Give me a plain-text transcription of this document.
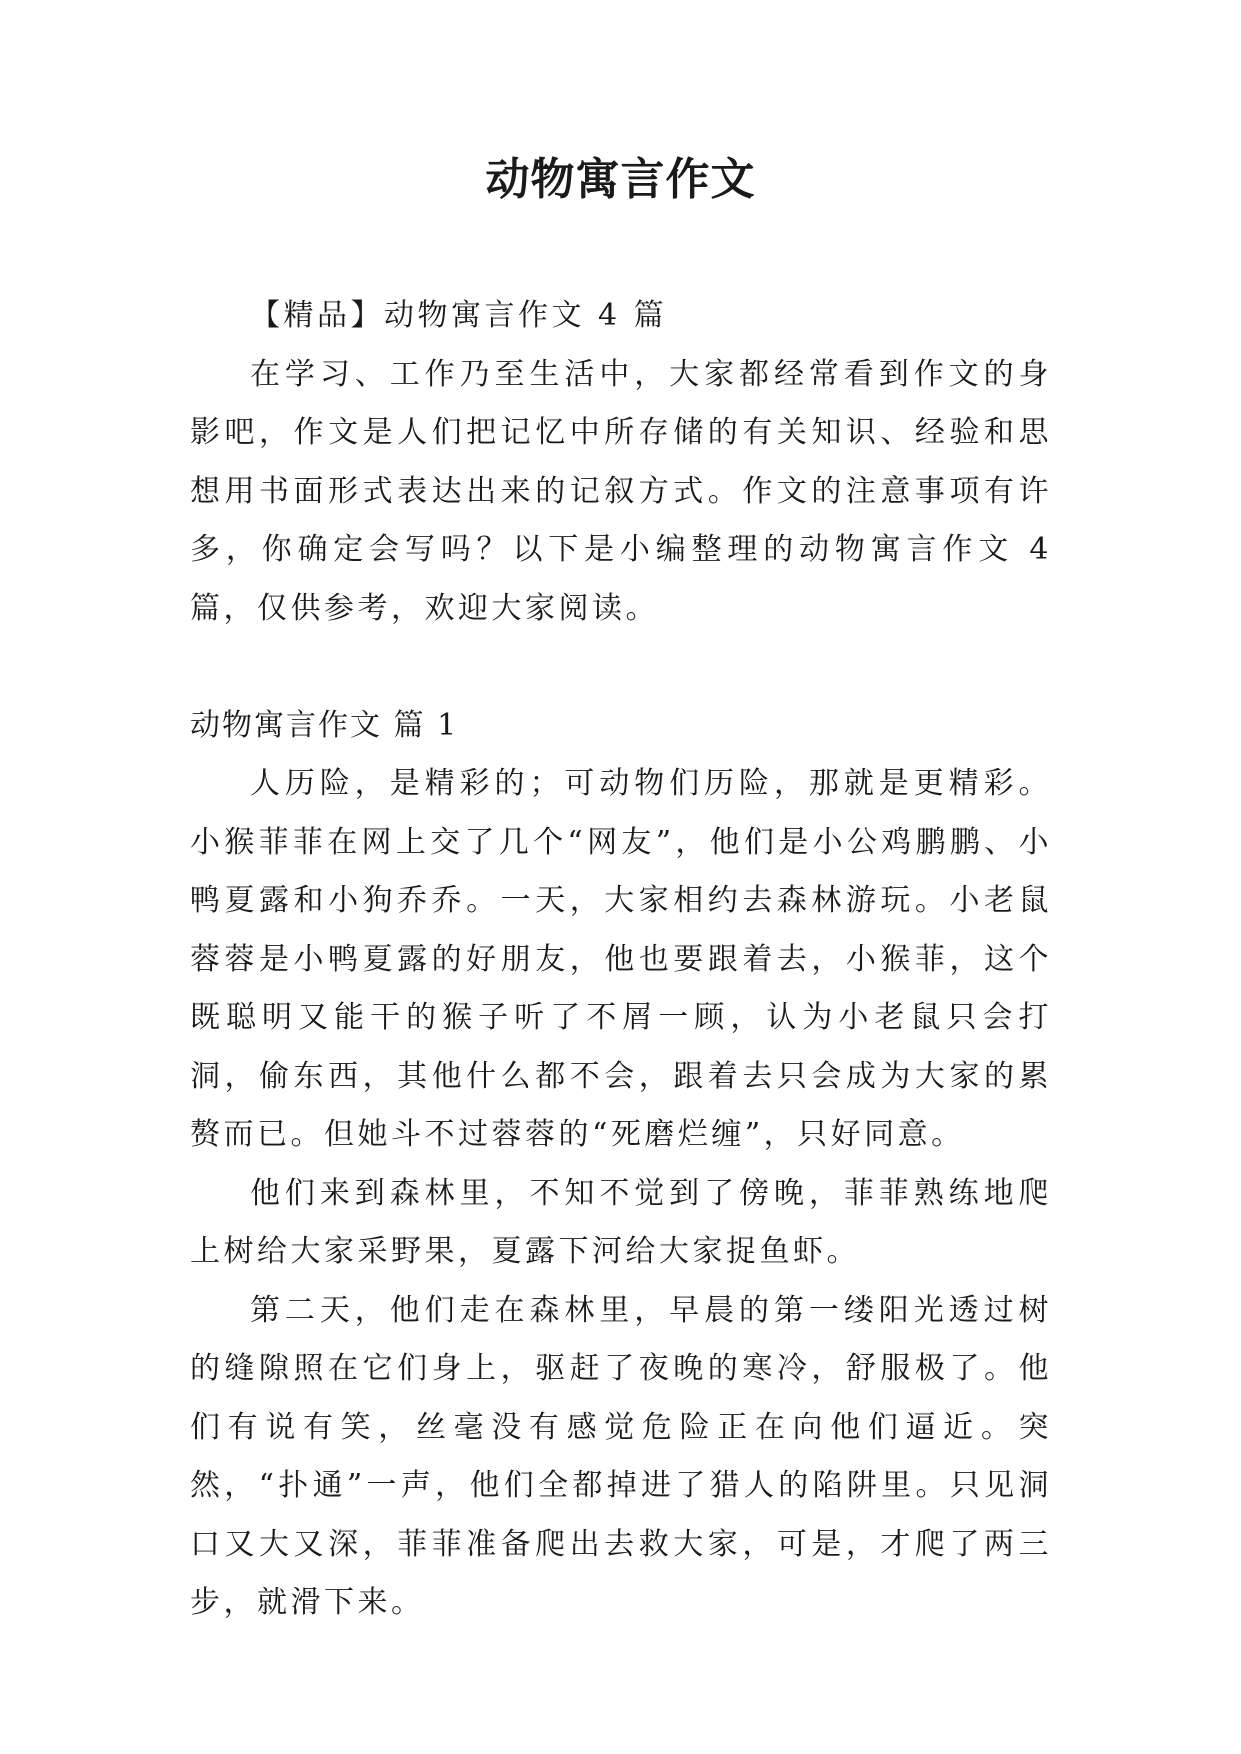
动物寓言作文

【精品】动物寓言作文 4 篇

在学习、工作乃至生活中，大家都经常看到作文的身影吧，作文是人们把记忆中所存储的有关知识、经验和思想用书面形式表达出来的记叙方式。作文的注意事项有许多，你确定会写吗？以下是小编整理的动物寓言作文 4 篇，仅供参考，欢迎大家阅读。

动物寓言作文 篇 1

人历险，是精彩的；可动物们历险，那就是更精彩。小猴菲菲在网上交了几个“网友”，他们是小公鸡鹏鹏、小鸭夏露和小狗乔乔。一天，大家相约去森林游玩。小老鼠蓉蓉是小鸭夏露的好朋友，他也要跟着去，小猴菲，这个既聪明又能干的猴子听了不屑一顾，认为小老鼠只会打洞，偷东西，其他什么都不会，跟着去只会成为大家的累赘而已。但她斗不过蓉蓉的“死磨烂缠”，只好同意。

他们来到森林里，不知不觉到了傍晚，菲菲熟练地爬上树给大家采野果，夏露下河给大家捉鱼虾。

第二天，他们走在森林里，早晨的第一缕阳光透过树的缝隙照在它们身上，驱赶了夜晚的寒冷，舒服极了。他们有说有笑，丝毫没有感觉危险正在向他们逼近。突然，“扑通”一声，他们全都掉进了猎人的陷阱里。只见洞口又大又深，菲菲准备爬出去救大家，可是，才爬了两三步，就滑下来。
